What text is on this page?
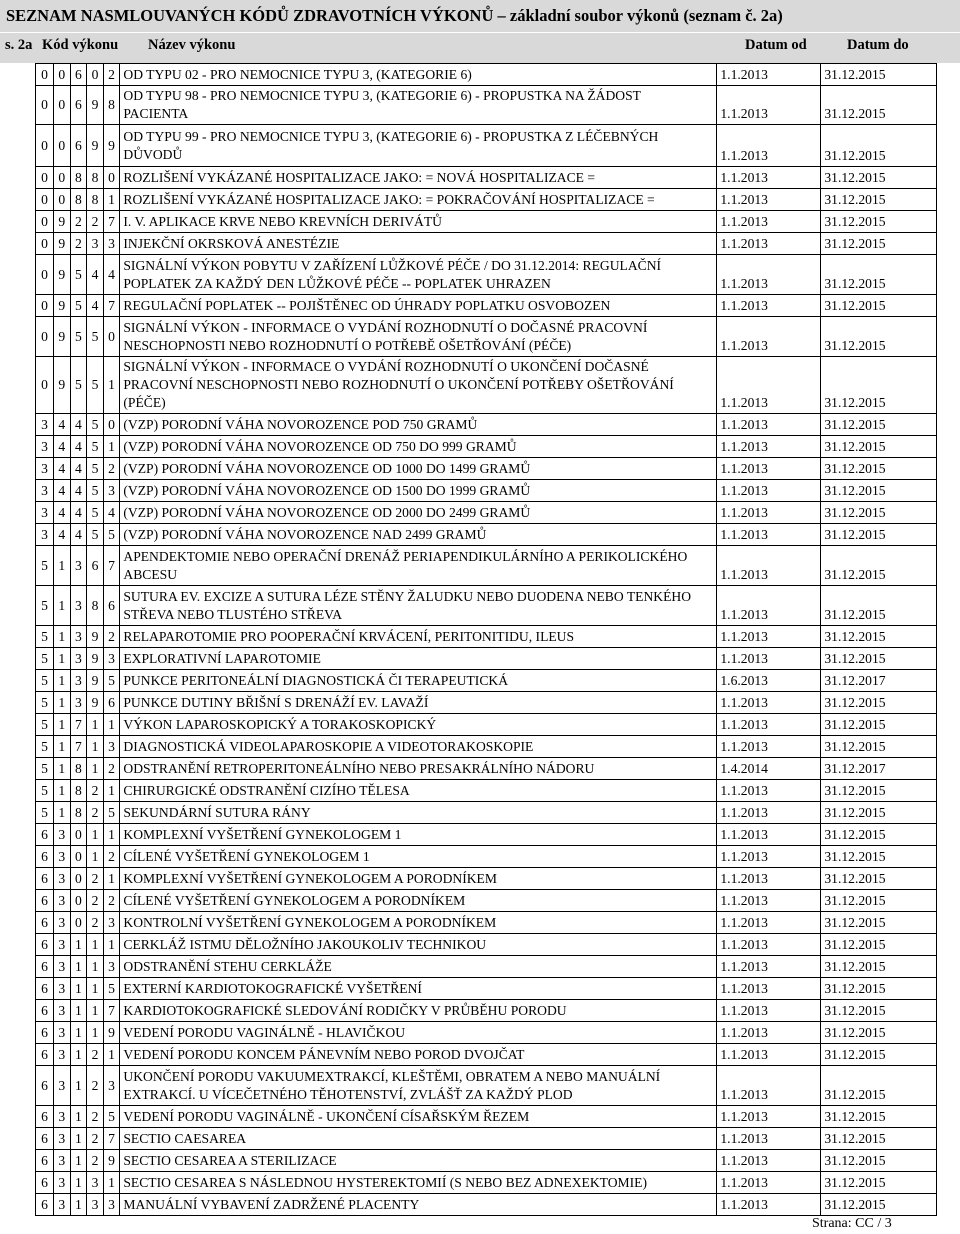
SEZNAM NASMLOUVANÝCH KÓDŮ ZDRAVOTNÍCH VÝKONŮ – základní soubor výkonů (seznam č. 2a)
s. 2a Kód výkonu Název výkonu	Datum od	Datum do
0	0	6	0	2	OD TYPU 02 - PRO NEMOCNICE TYPU 3, (KATEGORIE 6)	1.1.2013	31.12.2015
0	0	6	9	8	OD TYPU 98 - PRO NEMOCNICE TYPU 3, (KATEGORIE 6) - PROPUSTKA NA ŽÁDOST PACIENTA	1.1.2013	31.12.2015
0	0	6	9	9	OD TYPU 99 - PRO NEMOCNICE TYPU 3, (KATEGORIE 6) - PROPUSTKA Z LÉČEBNÝCH DŮVODŮ	1.1.2013	31.12.2015
0	0	8	8	0	ROZLIŠENÍ VYKÁZANÉ HOSPITALIZACE JAKO: = NOVÁ HOSPITALIZACE =	1.1.2013	31.12.2015
0	0	8	8	1	ROZLIŠENÍ VYKÁZANÉ HOSPITALIZACE JAKO: = POKRAČOVÁNÍ HOSPITALIZACE =	1.1.2013	31.12.2015
0	9	2	2	7	I. V. APLIKACE KRVE NEBO KREVNÍCH DERIVÁTŮ	1.1.2013	31.12.2015
0	9	2	3	3	INJEKČNÍ OKRSKOVÁ ANESTÉZIE	1.1.2013	31.12.2015
0	9	5	4	4	SIGNÁLNÍ VÝKON POBYTU V ZAŘÍZENÍ LŮŽKOVÉ PÉČE / DO 31.12.2014: REGULAČNÍ POPLATEK ZA KAŽDÝ DEN LŮŽKOVÉ PÉČE -- POPLATEK UHRAZEN	1.1.2013	31.12.2015
0	9	5	4	7	REGULAČNÍ POPLATEK -- POJIŠTĚNEC OD ÚHRADY POPLATKU OSVOBOZEN	1.1.2013	31.12.2015
0	9	5	5	0	SIGNÁLNÍ VÝKON - INFORMACE O VYDÁNÍ ROZHODNUTÍ O DOČASNÉ PRACOVNÍ NESCHOPNOSTI NEBO ROZHODNUTÍ O POTŘEBĚ OŠETŘOVÁNÍ (PÉČE)	1.1.2013	31.12.2015
0	9	5	5	1	SIGNÁLNÍ VÝKON - INFORMACE O VYDÁNÍ ROZHODNUTÍ O UKONČENÍ DOČASNÉ PRACOVNÍ NESCHOPNOSTI NEBO ROZHODNUTÍ O UKONČENÍ POTŘEBY OŠETŘOVÁNÍ (PÉČE)	1.1.2013	31.12.2015
3	4	4	5	0	(VZP) PORODNÍ VÁHA NOVOROZENCE POD 750 GRAMŮ	1.1.2013	31.12.2015
3	4	4	5	1	(VZP) PORODNÍ VÁHA NOVOROZENCE OD 750 DO 999 GRAMŮ	1.1.2013	31.12.2015
3	4	4	5	2	(VZP) PORODNÍ VÁHA NOVOROZENCE OD 1000 DO 1499 GRAMŮ	1.1.2013	31.12.2015
3	4	4	5	3	(VZP) PORODNÍ VÁHA NOVOROZENCE OD 1500 DO 1999 GRAMŮ	1.1.2013	31.12.2015
3	4	4	5	4	(VZP) PORODNÍ VÁHA NOVOROZENCE OD 2000 DO 2499 GRAMŮ	1.1.2013	31.12.2015
3	4	4	5	5	(VZP) PORODNÍ VÁHA NOVOROZENCE NAD 2499 GRAMŮ	1.1.2013	31.12.2015
5	1	3	6	7	APENDEKTOMIE NEBO OPERAČNÍ DRENÁŽ PERIAPENDIKULÁRNÍHO A PERIKOLICKÉHO ABCESU	1.1.2013	31.12.2015
5	1	3	8	6	SUTURA EV. EXCIZE A SUTURA LÉZE STĚNY ŽALUDKU NEBO DUODENA NEBO TENKÉHO STŘEVA NEBO TLUSTÉHO STŘEVA	1.1.2013	31.12.2015
5	1	3	9	2	RELAPAROTOMIE PRO POOPERAČNÍ KRVÁCENÍ, PERITONITIDU, ILEUS	1.1.2013	31.12.2015
5	1	3	9	3	EXPLORATIVNÍ LAPAROTOMIE	1.1.2013	31.12.2015
5	1	3	9	5	PUNKCE PERITONEÁLNÍ DIAGNOSTICKÁ ČI TERAPEUTICKÁ	1.6.2013	31.12.2017
5	1	3	9	6	PUNKCE DUTINY BŘIŠNÍ S DRENÁŽÍ EV. LAVAŽÍ	1.1.2013	31.12.2015
5	1	7	1	1	VÝKON LAPAROSKOPICKÝ A TORAKOSKOPICKÝ	1.1.2013	31.12.2015
5	1	7	1	3	DIAGNOSTICKÁ VIDEOLAPAROSKOPIE A VIDEOTORAKOSKOPIE	1.1.2013	31.12.2015
5	1	8	1	2	ODSTRANĚNÍ RETROPERITONEÁLNÍHO NEBO PRESAKRÁLNÍHO NÁDORU	1.4.2014	31.12.2017
5	1	8	2	1	CHIRURGICKÉ ODSTRANĚNÍ CIZÍHO TĚLESA	1.1.2013	31.12.2015
5	1	8	2	5	SEKUNDÁRNÍ SUTURA RÁNY	1.1.2013	31.12.2015
6	3	0	1	1	KOMPLEXNÍ VYŠETŘENÍ GYNEKOLOGEM 1	1.1.2013	31.12.2015
6	3	0	1	2	CÍLENÉ VYŠETŘENÍ GYNEKOLOGEM 1	1.1.2013	31.12.2015
6	3	0	2	1	KOMPLEXNÍ VYŠETŘENÍ GYNEKOLOGEM A PORODNÍKEM	1.1.2013	31.12.2015
6	3	0	2	2	CÍLENÉ VYŠETŘENÍ GYNEKOLOGEM A PORODNÍKEM	1.1.2013	31.12.2015
6	3	0	2	3	KONTROLNÍ VYŠETŘENÍ GYNEKOLOGEM A PORODNÍKEM	1.1.2013	31.12.2015
6	3	1	1	1	CERKLÁŽ ISTMU DĚLOŽNÍHO JAKOUKOLIV TECHNIKOU	1.1.2013	31.12.2015
6	3	1	1	3	ODSTRANĚNÍ STEHU CERKLÁŽE	1.1.2013	31.12.2015
6	3	1	1	5	EXTERNÍ KARDIOTOKOGRAFICKÉ VYŠETŘENÍ	1.1.2013	31.12.2015
6	3	1	1	7	KARDIOTOKOGRAFICKÉ SLEDOVÁNÍ RODIČKY V PRŮBĚHU PORODU	1.1.2013	31.12.2015
6	3	1	1	9	VEDENÍ PORODU VAGINÁLNĚ - HLAVIČKOU	1.1.2013	31.12.2015
6	3	1	2	1	VEDENÍ PORODU KONCEM PÁNEVNÍM NEBO POROD DVOJČAT	1.1.2013	31.12.2015
6	3	1	2	3	UKONČENÍ PORODU VAKUUMEXTRAKCÍ, KLEŠTĚMI, OBRATEM A NEBO MANUÁLNÍ EXTRAKCÍ. U VÍCEČETNÉHO TĚHOTENSTVÍ, ZVLÁŠŤ ZA KAŽDÝ PLOD	1.1.2013	31.12.2015
6	3	1	2	5	VEDENÍ PORODU VAGINÁLNĚ - UKONČENÍ CÍSAŘSKÝM ŘEZEM	1.1.2013	31.12.2015
6	3	1	2	7	SECTIO CAESAREA	1.1.2013	31.12.2015
6	3	1	2	9	SECTIO CESAREA A STERILIZACE	1.1.2013	31.12.2015
6	3	1	3	1	SECTIO CESAREA S NÁSLEDNOU HYSTEREKTOMIÍ (S NEBO BEZ ADNEXEKTOMIE)	1.1.2013	31.12.2015
6	3	1	3	3	MANUÁLNÍ VYBAVENÍ ZADRŽENÉ PLACENTY	1.1.2013	31.12.2015
Strana: CC / 3
